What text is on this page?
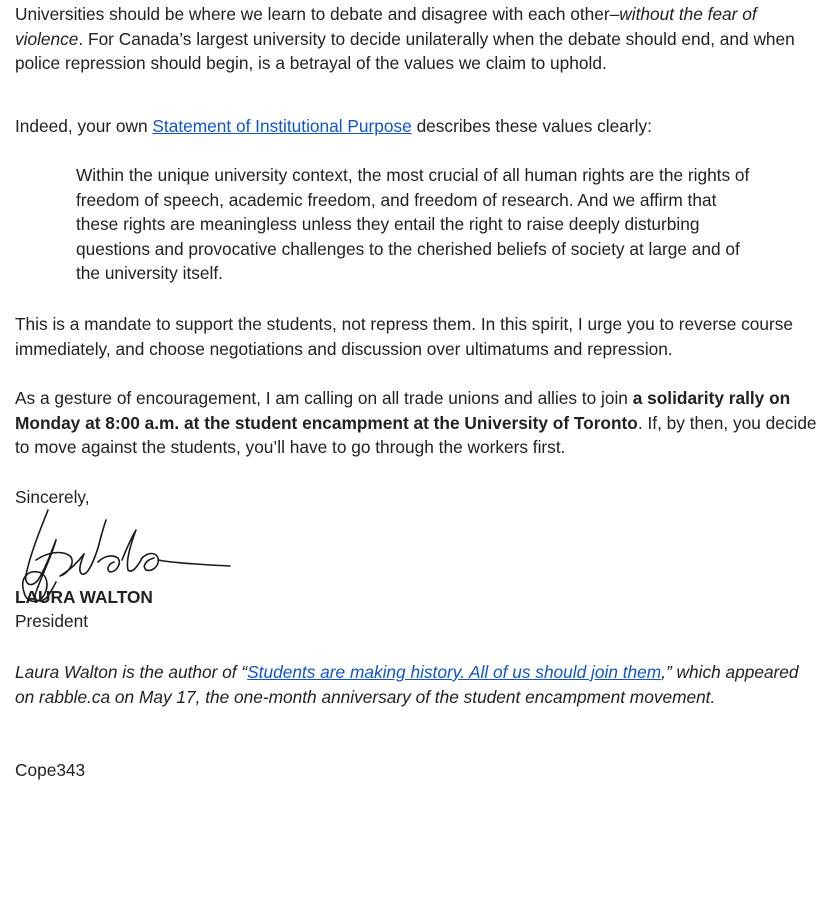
Universities should be where we learn to debate and disagree with each other–without the fear of violence. For Canada’s largest university to decide unilaterally when the debate should end, and when police repression should begin, is a betrayal of the values we claim to uphold.

Indeed, your own Statement of Institutional Purpose describes these values clearly:

Within the unique university context, the most crucial of all human rights are the rights of freedom of speech, academic freedom, and freedom of research. And we affirm that these rights are meaningless unless they entail the right to raise deeply disturbing questions and provocative challenges to the cherished beliefs of society at large and of the university itself.

This is a mandate to support the students, not repress them. In this spirit, I urge you to reverse course immediately, and choose negotiations and discussion over ultimatums and repression.

As a gesture of encouragement, I am calling on all trade unions and allies to join a solidarity rally on Monday at 8:00 a.m. at the student encampment at the University of Toronto. If, by then, you decide to move against the students, you’ll have to go through the workers first.

Sincerely,

LAURA WALTON

President

Laura Walton is the author of “Students are making history. All of us should join them,” which appeared on rabble.ca on May 17, the one-month anniversary of the student encampment movement.

Cope343
